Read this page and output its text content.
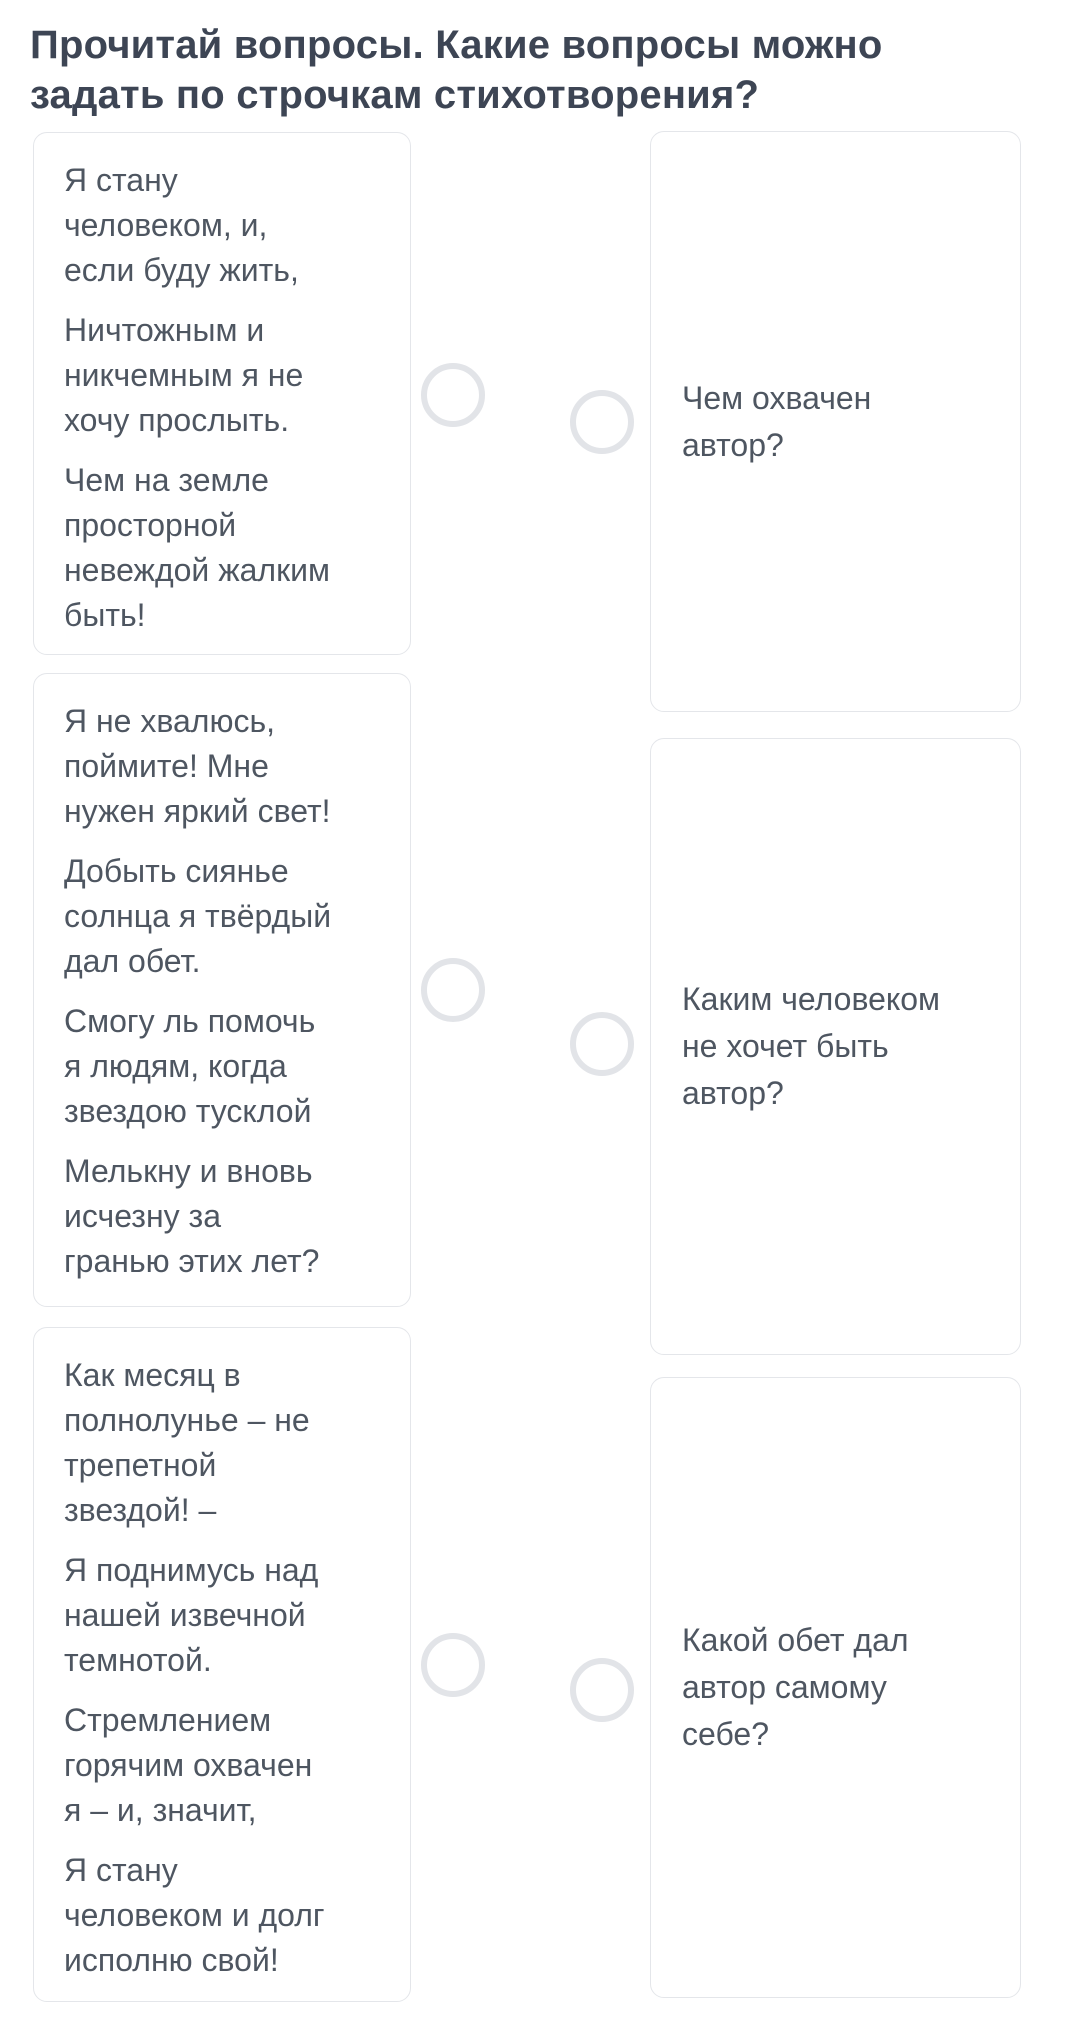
Прочитай вопросы. Какие вопросы можно
задать по строчкам стихотворения?
Я стану
человеком, и,
если буду жить,
Ничтожным и
никчемным я не
хочу прослыть.
Чем на земле
просторной
невеждой жалким
быть!
Я не хвалюсь,
поймите! Мне
нужен яркий свет!
Добыть сиянье
солнца я твёрдый
дал обет.
Смогу ль помочь
я людям, когда
звездою тусклой
Мелькну и вновь
исчезну за
гранью этих лет?
Как месяц в
полнолунье – не
трепетной
звездой! –
Я поднимусь над
нашей извечной
темнотой.
Стремлением
горячим охвачен
я – и, значит,
Я стану
человеком и долг
исполню свой!
Чем охвачен
автор?
Каким человеком
не хочет быть
автор?
Какой обет дал
автор самому
себе?
